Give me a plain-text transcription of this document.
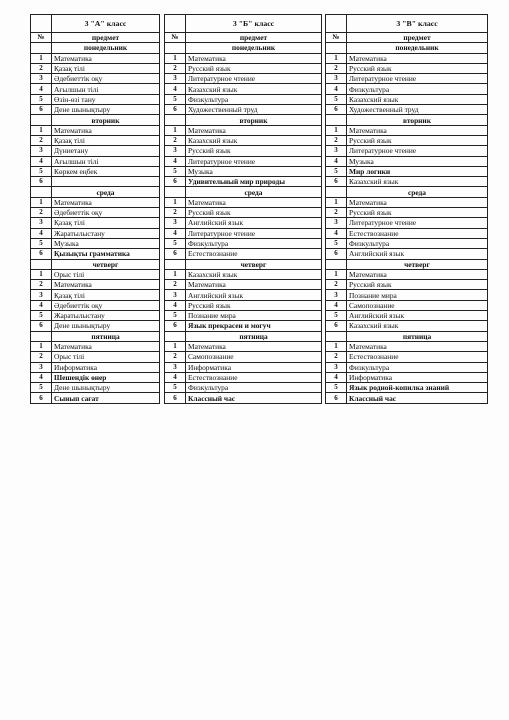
	3 "А" класс
№	предмет
	понедельник
1	Математика
2	Қазақ тілі
3	Әдебиеттік оқу
4	Ағылшын тілі
5	Өзін-өзі тану
6	Дене шынықтыру
	вторник
1	Математика
2	Қазақ тілі
3	Дүниетану
4	Ағылшын тілі
5	Көркем еңбек
6	
	среда
1	Математика
2	Әдебиеттік оқу
3	Қазақ тілі
4	Жаратылыстану
5	Музыка
6	Қызықты грамматика
	четверг
1	Орыс тілі
2	Математика
3	Қазақ тілі
4	Әдебиеттік оқу
5	Жаратылыстану
6	Дене шынықтыру
	пятница
1	Математика
2	Орыс тілі
3	Информатика
4	Шешендік өнер
5	Дене шынықтыру
6	Сынып сағат
	3 "Б" класс
№	предмет
	понедельник
1	Математика
2	Русский язык
3	Литературное чтение
4	Казахский язык
5	Физкультура
6	Художественный труд
	вторник
1	Математика
2	Казахский язык
3	Русский язык
4	Литературное чтение
5	Музыка
6	Удивительный мир природы
	среда
1	Математика
2	Русский язык
3	Английский язык
4	Литературное чтение
5	Физкультура
6	Естествознание
	четверг
1	Казахский язык
2	Математика
3	Английский язык
4	Русский язык
5	Познание мира
6	Язык прекрасен и могуч
	пятница
1	Математика
2	Самопознание
3	Информатика
4	Естествознание
5	Физкультура
6	Классный час
	3 "В" класс
№	предмет
	понедельник
1	Математика
2	Русский язык
3	Литературное чтение
4	Физкультура
5	Казахский язык
6	Художественный труд
	вторник
1	Математика
2	Русский язык
3	Литературное чтение
4	Музыка
5	Мир логики
6	Казахский язык
	среда
1	Математика
2	Русский язык
3	Литературное чтение
4	Естествознание
5	Физкультура
6	Английский язык
	четверг
1	Математика
2	Русский язык
3	Познание мира
4	Самопознание
5	Английский язык
6	Казахский язык
	пятница
1	Математика
2	Естествознание
3	Физкультура
4	Информатика
5	Язык родной-копилка знаний
6	Классный час
